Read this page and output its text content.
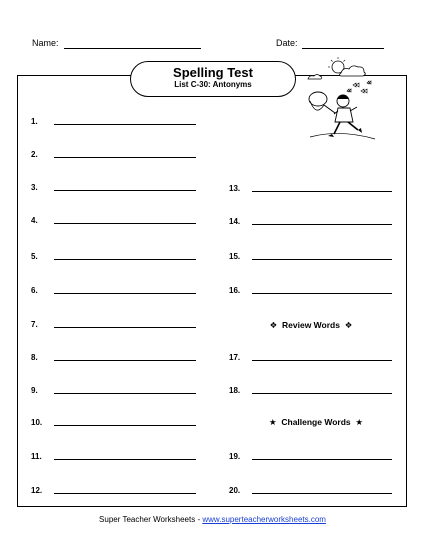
Name:	Date:
Spelling Test
List C-30: Antonyms
1.
2.
3.
4.
5.
6.
7.
8.
9.
10.
11.
12.
13.
14.
15.
16.
❖ Review Words ❖
17.
18.
★ Challenge Words ★
19.
20.
Super Teacher Worksheets - www.superteacherworksheets.com
